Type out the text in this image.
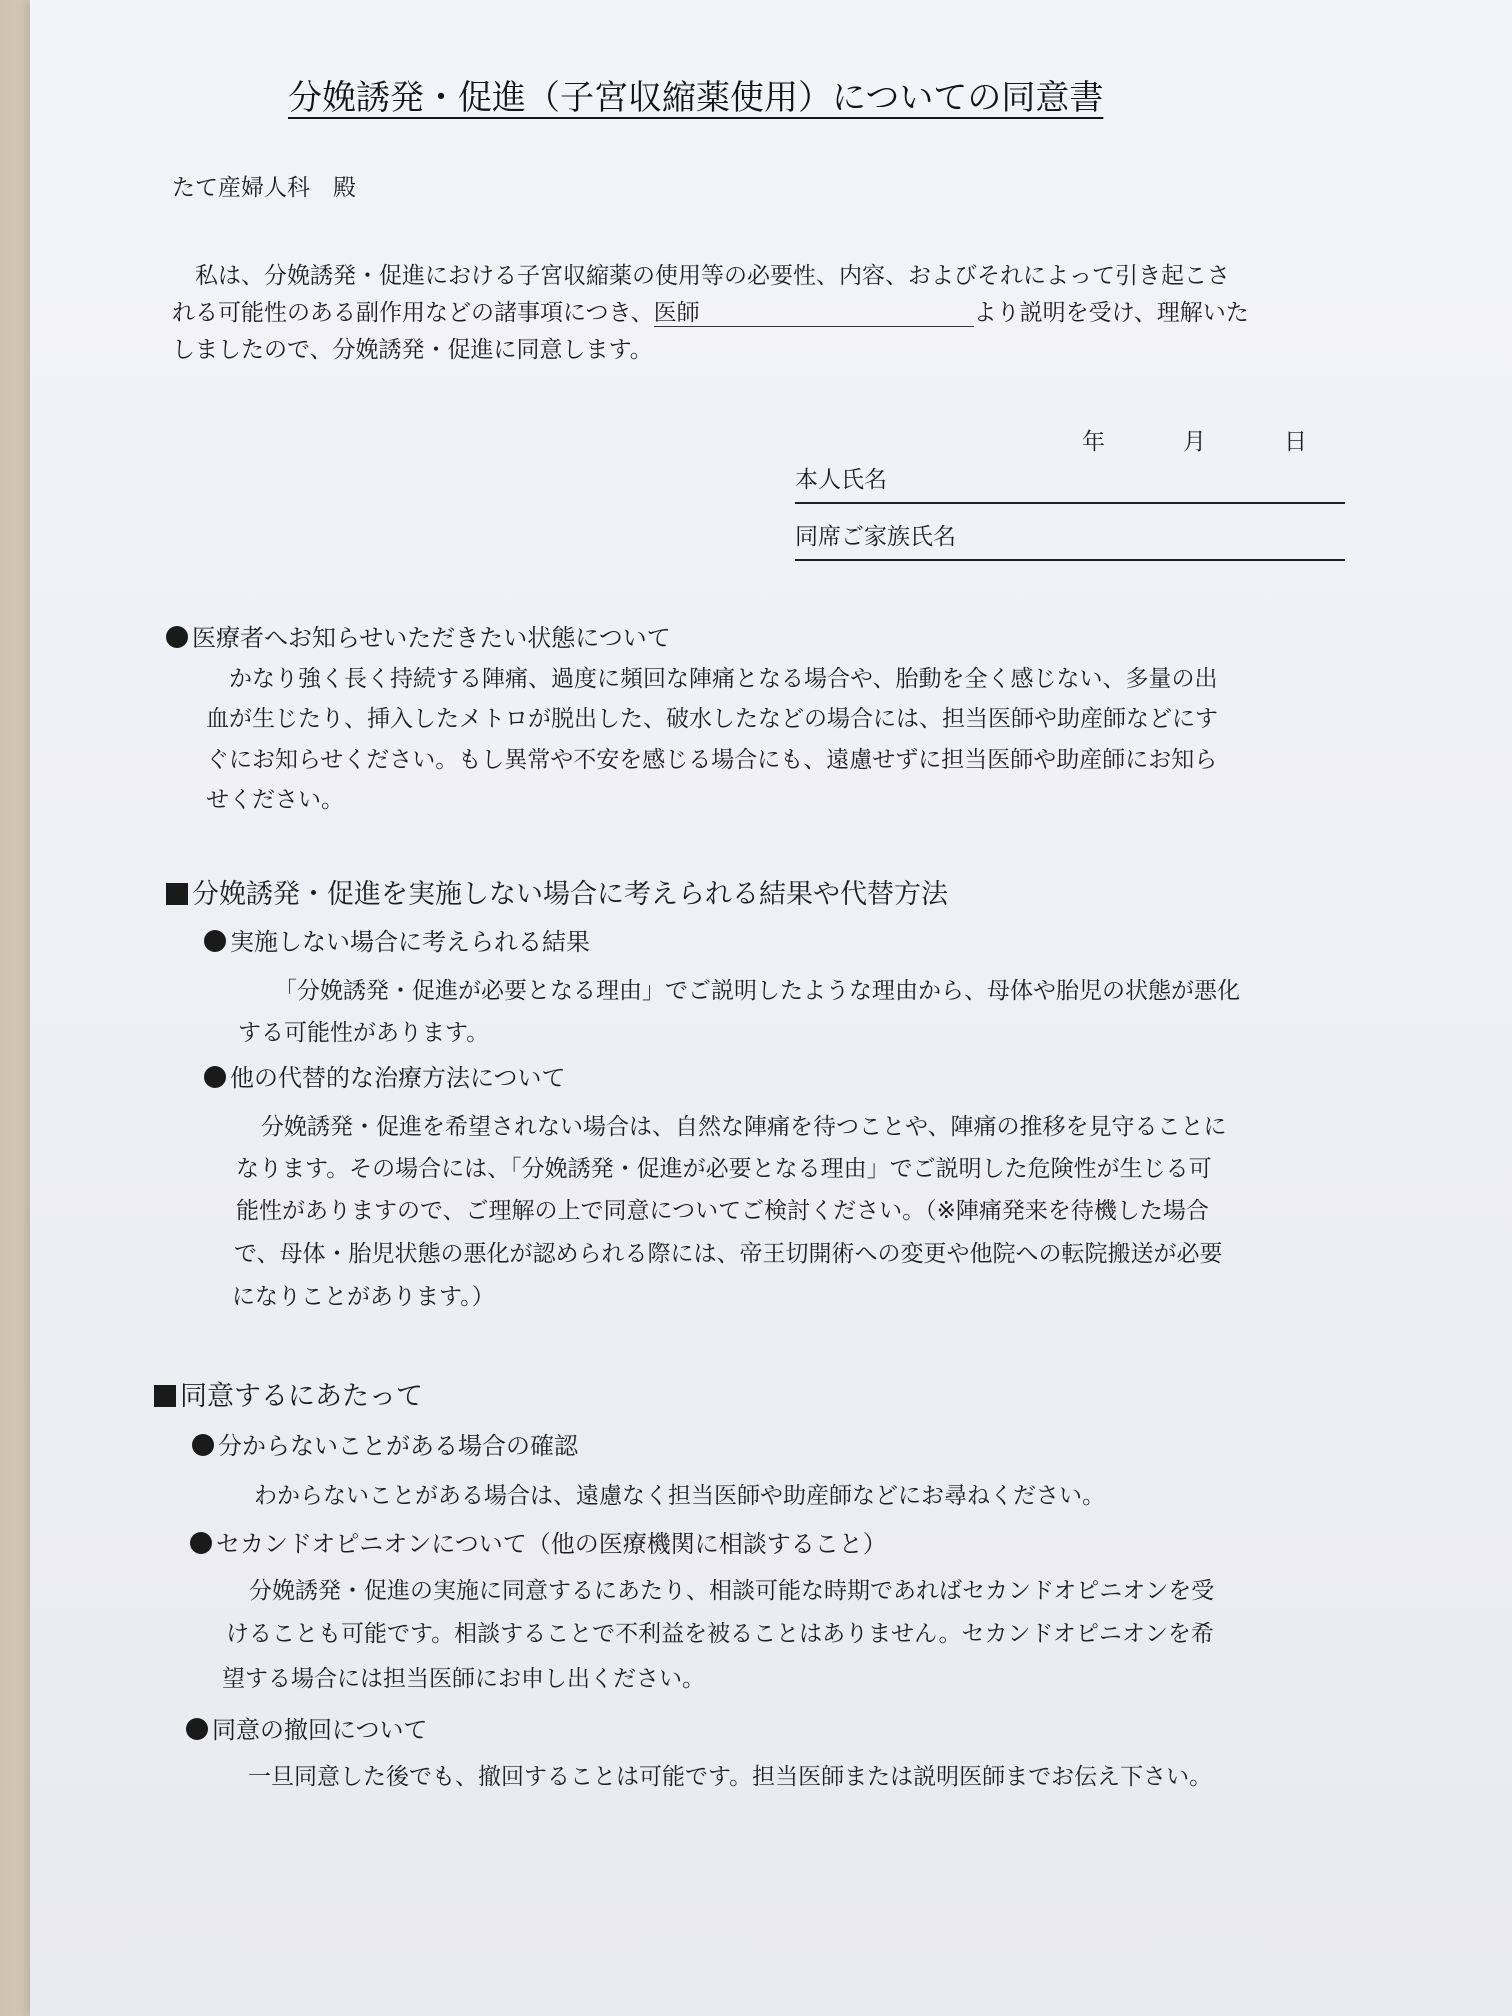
分娩誘発・促進（子宮収縮薬使用）についての同意書
たて産婦人科　殿
　私は、分娩誘発・促進における子宮収縮薬の使用等の必要性、内容、およびそれによって引き起こさ
れる可能性のある副作用などの諸事項につき、医師	より説明を受け、理解いた
しましたので、分娩誘発・促進に同意します。
年	月	日
本人氏名
同席ご家族氏名
医療者へお知らせいただきたい状態について
　かなり強く長く持続する陣痛、過度に頻回な陣痛となる場合や、胎動を全く感じない、多量の出
血が生じたり、挿入したメトロが脱出した、破水したなどの場合には、担当医師や助産師などにす
ぐにお知らせください。もし異常や不安を感じる場合にも、遠慮せずに担当医師や助産師にお知ら
せください。
分娩誘発・促進を実施しない場合に考えられる結果や代替方法
実施しない場合に考えられる結果
「分娩誘発・促進が必要となる理由」でご説明したような理由から、母体や胎児の状態が悪化
する可能性があります。
他の代替的な治療方法について
　分娩誘発・促進を希望されない場合は、自然な陣痛を待つことや、陣痛の推移を見守ることに
なります。その場合には、「分娩誘発・促進が必要となる理由」でご説明した危険性が生じる可
能性がありますので、ご理解の上で同意についてご検討ください。（※陣痛発来を待機した場合
で、母体・胎児状態の悪化が認められる際には、帝王切開術への変更や他院への転院搬送が必要
になりことがあります。）
同意するにあたって
分からないことがある場合の確認
わからないことがある場合は、遠慮なく担当医師や助産師などにお尋ねください。
セカンドオピニオンについて（他の医療機関に相談すること）
　分娩誘発・促進の実施に同意するにあたり、相談可能な時期であればセカンドオピニオンを受
けることも可能です。相談することで不利益を被ることはありません。セカンドオピニオンを希
望する場合には担当医師にお申し出ください。
同意の撤回について
一旦同意した後でも、撤回することは可能です。担当医師または説明医師までお伝え下さい。
